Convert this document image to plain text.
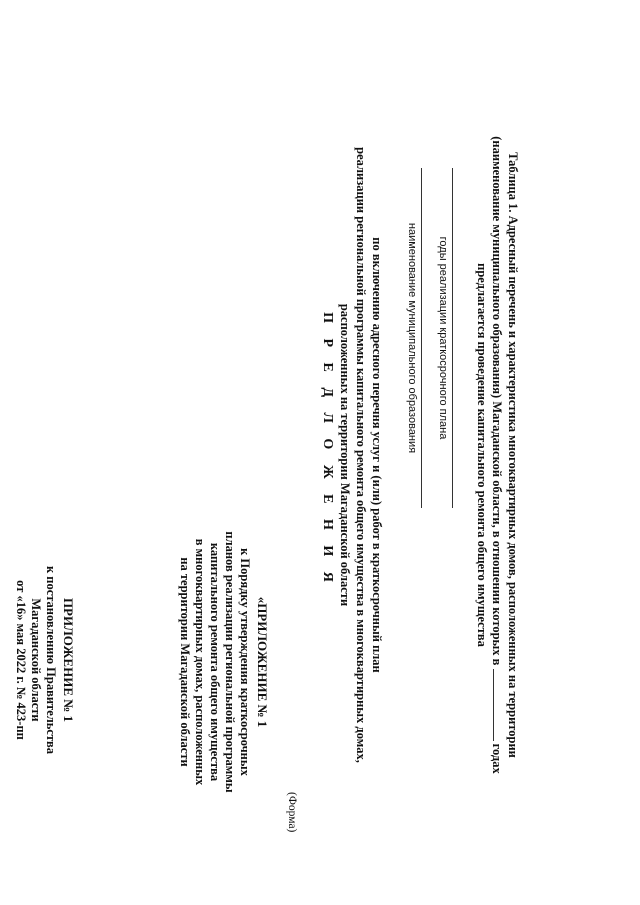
ПРИЛОЖЕНИЕ № 1
к постановлению Правительства
Магаданской области
от «16» мая 2022 г. № 423-пп	«ПРИЛОЖЕНИЕ № 1
к Порядку утверждения краткосрочных
планов реализации региональной программы
капитального ремонта общего имущества
в многоквартирных домах, расположенных
на территории Магаданской области
(Форма)
П Р Е Д Л О Ж Е Н И Я	по включению адресного перечня услуг и (или) работ в краткосрочный план
реализации региональной программы капитального ремонта общего имущества в многоквартирных домах,
расположенных на территории Магаданской области	наименование муниципального образования годы реализации краткосрочного плана	Таблица 1. Адресный перечень и характеристика многоквартирных домов, расположенных на территории
(наименование муниципального образования) Магаданской области, в отношении которых в  годах
предлагается проведение капитального ремонта общего имущества
